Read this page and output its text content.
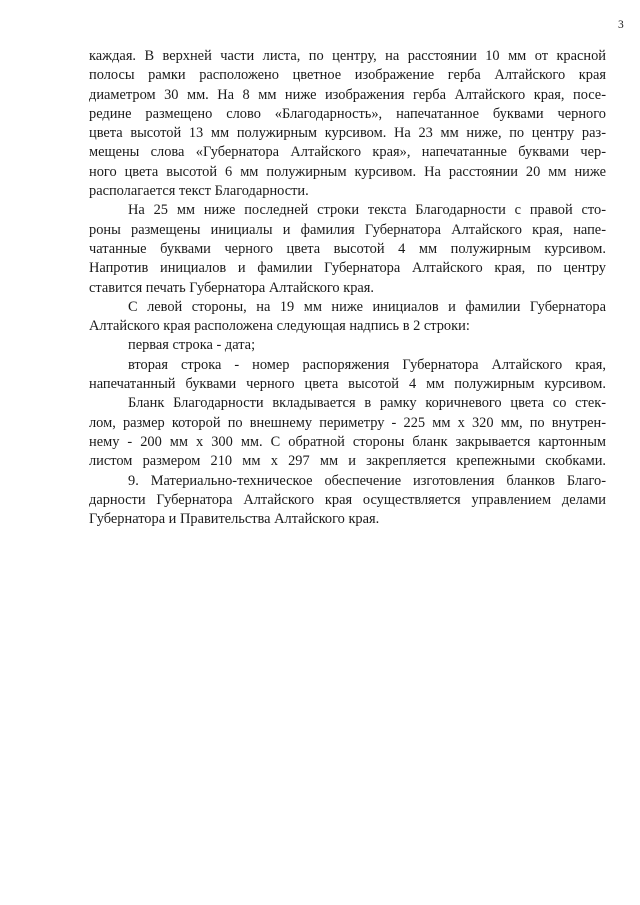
3
каждая. В верхней части листа, по центру, на расстоянии 10 мм от красной
полосы рамки расположено цветное изображение герба Алтайского края
диаметром 30 мм. На 8 мм ниже изображения герба Алтайского края, посе-
редине размещено слово «Благодарность», напечатанное буквами черного
цвета высотой 13 мм полужирным курсивом. На 23 мм ниже, по центру раз-
мещены слова «Губернатора Алтайского края», напечатанные буквами чер-
ного цвета высотой 6 мм полужирным курсивом. На расстоянии 20 мм ниже
располагается текст Благодарности.
На 25 мм ниже последней строки текста Благодарности с правой сто-
роны размещены инициалы и фамилия Губернатора Алтайского края, напе-
чатанные буквами черного цвета высотой 4 мм полужирным курсивом.
Напротив инициалов и фамилии Губернатора Алтайского края, по центру
ставится печать Губернатора Алтайского края.
С левой стороны, на 19 мм ниже инициалов и фамилии Губернатора
Алтайского края расположена следующая надпись в 2 строки:
первая строка - дата;
вторая строка - номер распоряжения Губернатора Алтайского края,
напечатанный буквами черного цвета высотой 4 мм полужирным курсивом.
Бланк Благодарности вкладывается в рамку коричневого цвета со стек-
лом, размер которой по внешнему периметру - 225 мм х 320 мм, по внутрен-
нему - 200 мм х 300 мм. С обратной стороны бланк закрывается картонным
листом размером 210 мм х 297 мм и закрепляется крепежными скобками.
9. Материально-техническое обеспечение изготовления бланков Благо-
дарности Губернатора Алтайского края осуществляется управлением делами
Губернатора и Правительства Алтайского края.
